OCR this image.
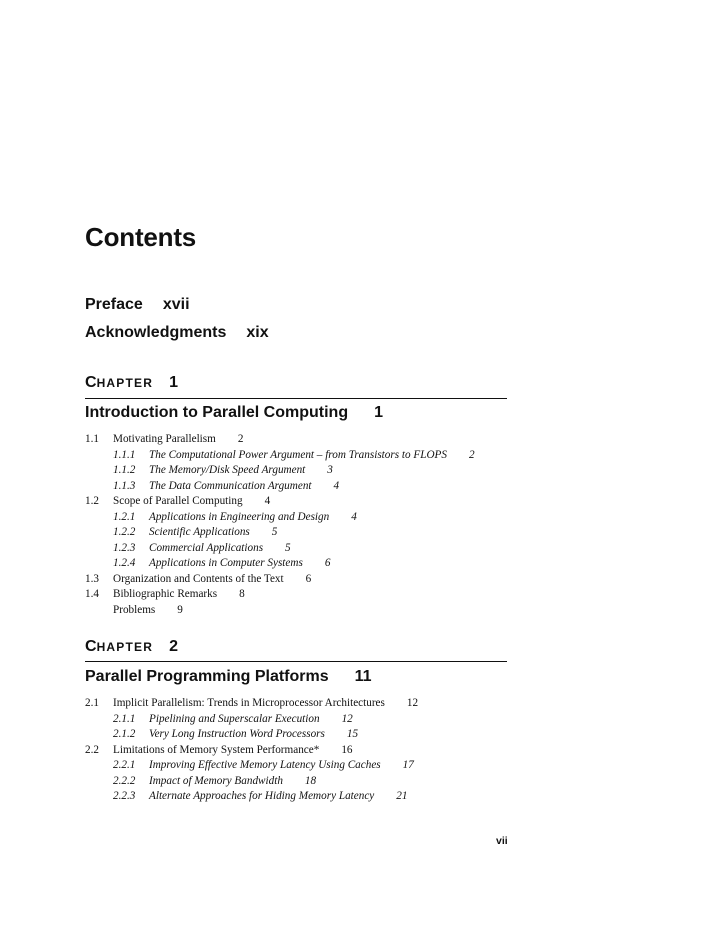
Contents
Preface xvii
Acknowledgments xix
CHAPTER 1
Introduction to Parallel Computing 1
1.1 Motivating Parallelism 2
1.1.1 The Computational Power Argument – from Transistors to FLOPS 2
1.1.2 The Memory/Disk Speed Argument 3
1.1.3 The Data Communication Argument 4
1.2 Scope of Parallel Computing 4
1.2.1 Applications in Engineering and Design 4
1.2.2 Scientific Applications 5
1.2.3 Commercial Applications 5
1.2.4 Applications in Computer Systems 6
1.3 Organization and Contents of the Text 6
1.4 Bibliographic Remarks 8
Problems 9
CHAPTER 2
Parallel Programming Platforms 11
2.1 Implicit Parallelism: Trends in Microprocessor Architectures 12
2.1.1 Pipelining and Superscalar Execution 12
2.1.2 Very Long Instruction Word Processors 15
2.2 Limitations of Memory System Performance* 16
2.2.1 Improving Effective Memory Latency Using Caches 17
2.2.2 Impact of Memory Bandwidth 18
2.2.3 Alternate Approaches for Hiding Memory Latency 21
vii
